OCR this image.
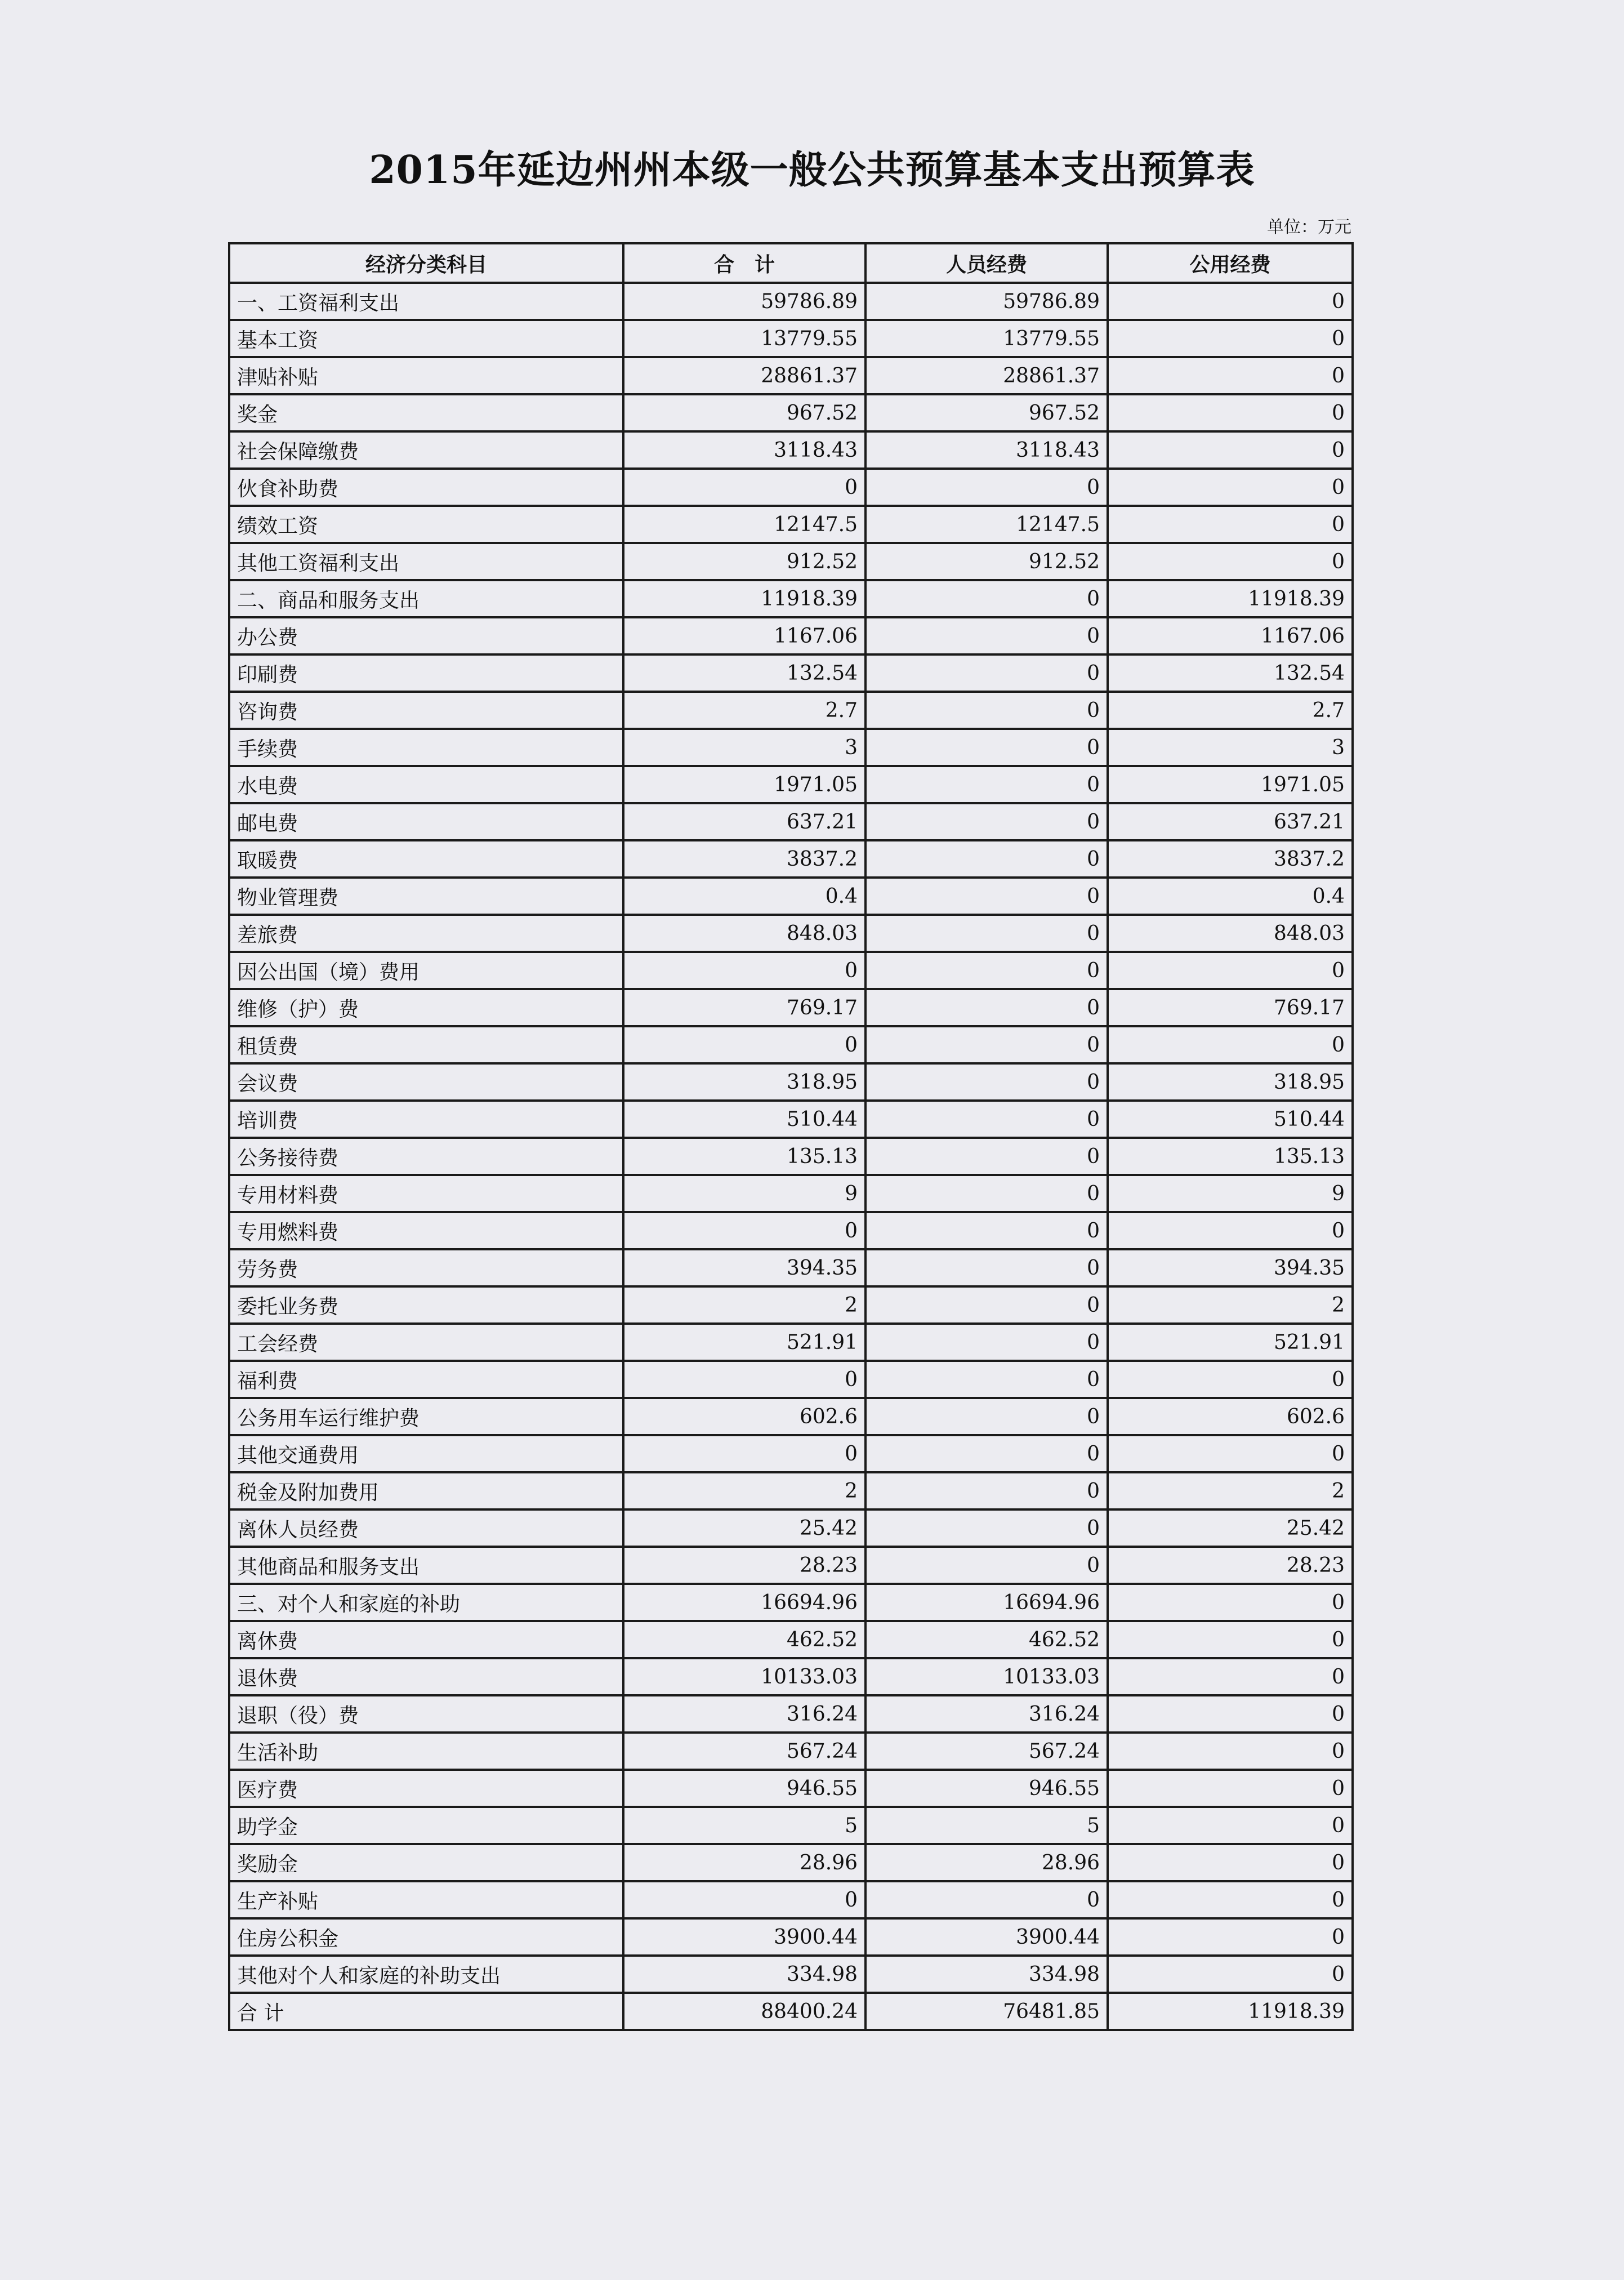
2015年延边州州本级一般公共预算基本支出预算表
单位：万元
经济分类科目	合　计	人员经费	公用经费
一、工资福利支出	59786.89	59786.89	0
基本工资	13779.55	13779.55	0
津贴补贴	28861.37	28861.37	0
奖金	967.52	967.52	0
社会保障缴费	3118.43	3118.43	0
伙食补助费	0	0	0
绩效工资	12147.5	12147.5	0
其他工资福利支出	912.52	912.52	0
二、商品和服务支出	11918.39	0	11918.39
办公费	1167.06	0	1167.06
印刷费	132.54	0	132.54
咨询费	2.7	0	2.7
手续费	3	0	3
水电费	1971.05	0	1971.05
邮电费	637.21	0	637.21
取暖费	3837.2	0	3837.2
物业管理费	0.4	0	0.4
差旅费	848.03	0	848.03
因公出国（境）费用	0	0	0
维修（护）费	769.17	0	769.17
租赁费	0	0	0
会议费	318.95	0	318.95
培训费	510.44	0	510.44
公务接待费	135.13	0	135.13
专用材料费	9	0	9
专用燃料费	0	0	0
劳务费	394.35	0	394.35
委托业务费	2	0	2
工会经费	521.91	0	521.91
福利费	0	0	0
公务用车运行维护费	602.6	0	602.6
其他交通费用	0	0	0
税金及附加费用	2	0	2
离休人员经费	25.42	0	25.42
其他商品和服务支出	28.23	0	28.23
三、对个人和家庭的补助	16694.96	16694.96	0
离休费	462.52	462.52	0
退休费	10133.03	10133.03	0
退职（役）费	316.24	316.24	0
生活补助	567.24	567.24	0
医疗费	946.55	946.55	0
助学金	5	5	0
奖励金	28.96	28.96	0
生产补贴	0	0	0
住房公积金	3900.44	3900.44	0
其他对个人和家庭的补助支出	334.98	334.98	0
合 计	88400.24	76481.85	11918.39
